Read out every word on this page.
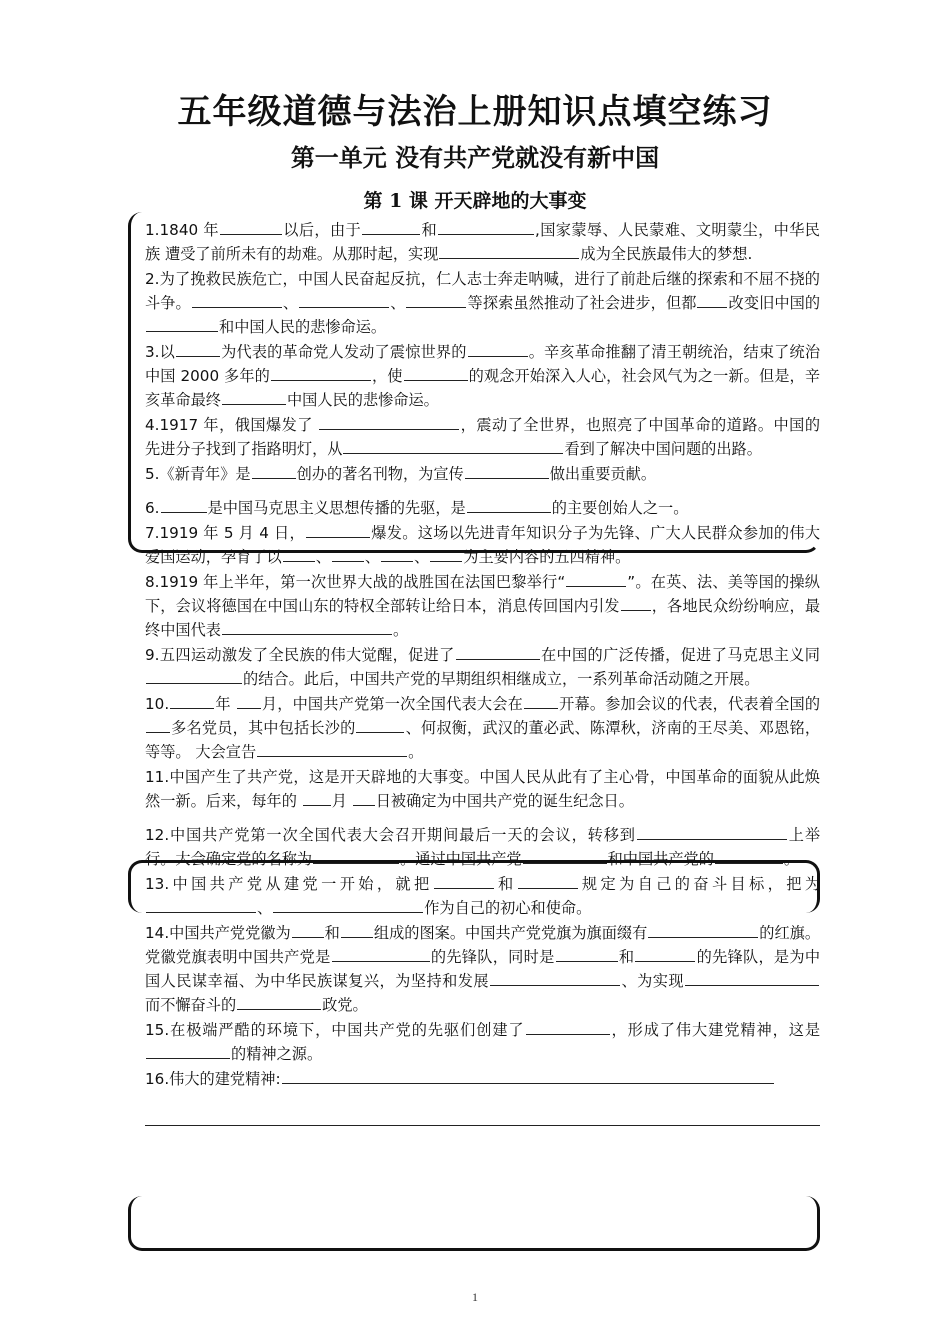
五年级道德与法治上册知识点填空练习
第一单元 没有共产党就没有新中国
第 1 课 开天辟地的大事变
1.1840 年	以后，由于	和	,国家蒙辱、人民蒙难、文明蒙尘，中华民族 遭受了前所未有的劫难。从那时起，实现	成为全民族最伟大的梦想.
2.为了挽救民族危亡，中国人民奋起反抗，仁人志士奔走呐喊，进行了前赴后继的探索和不屈不挠的 斗争。	、	、	等探索虽然推动了社会进步，但都 改变旧中国的和中国人民的悲惨命运。
3.以	为代表的革命党人发动了震惊世界的	。辛亥革命推翻了清王朝统治，结束了统治 中国 2000 多年的	，使	的观念开始深入人心，社会风气为之一新。但是，辛亥革命最终	中国人民的悲惨命运。
4.1917 年，俄国爆发了	，震动了全世界，也照亮了中国革命的道路。中国的先进分子找到了指路明灯，从	看到了解决中国问题的出路。
5.《新青年》是	创办的著名刊物，为宣传	做出重要贡献。
6.	是中国马克思主义思想传播的先驱，是	的主要创始人之一。
7.1919 年 5 月 4 日，	爆发。这场以先进青年知识分子为先锋、广大人民群众参加的伟大爱国运动，孕育了以 、 、 、 为主要内容的五四精神。
8.1919 年上半年，第一次世界大战的战胜国在法国巴黎举行“	”。在英、法、美等国的操纵下，会议将德国在中国山东的特权全部转让给日本，消息传回国内引发 ，各地民众纷纷响应，最终中国代表	。
9.五四运动激发了全民族的伟大觉醒，促进了	在中国的广泛传播，促进了马克思主义同的结合。此后，中国共产党的早期组织相继成立，一系列革命活动随之开展。
10.	年 月，中国共产党第一次全国代表大会在 开幕。参加会议的代表，代表着全国的 多名党员，其中包括长沙的	、何叔衡，武汉的董必武、陈潭秋，济南的王尽美、邓恩铭，等等。 大会宣告	。
11.中国产生了共产党，这是开天辟地的大事变。中国人民从此有了主心骨，中国革命的面貌从此焕然一新。后来，每年的 月 日被确定为中国共产党的诞生纪念日。
12.中国共产党第一次全国代表大会召开期间最后一天的会议，转移到	上举行。大会确定党的名称为	。通过中国共产党	和中国共产党的	。
13.中国共产党从建党一开始，就把	和	规定为自己的奋斗目标，把为、	作为自己的初心和使命。
14.中国共产党党徽为 和 组成的图案。中国共产党党旗为旗面缀有	的红旗。党徽党旗表明中国共产党是	的先锋队，同时是	和	的先锋队，是为中国人民谋幸福、为中华民族谋复兴，为坚持和发展	、为实现而不懈奋斗的	政党。
15.在极端严酷的环境下，中国共产党的先驱们创建了	，形成了伟大建党精神，这是的精神之源。
16.伟大的建党精神:
1
